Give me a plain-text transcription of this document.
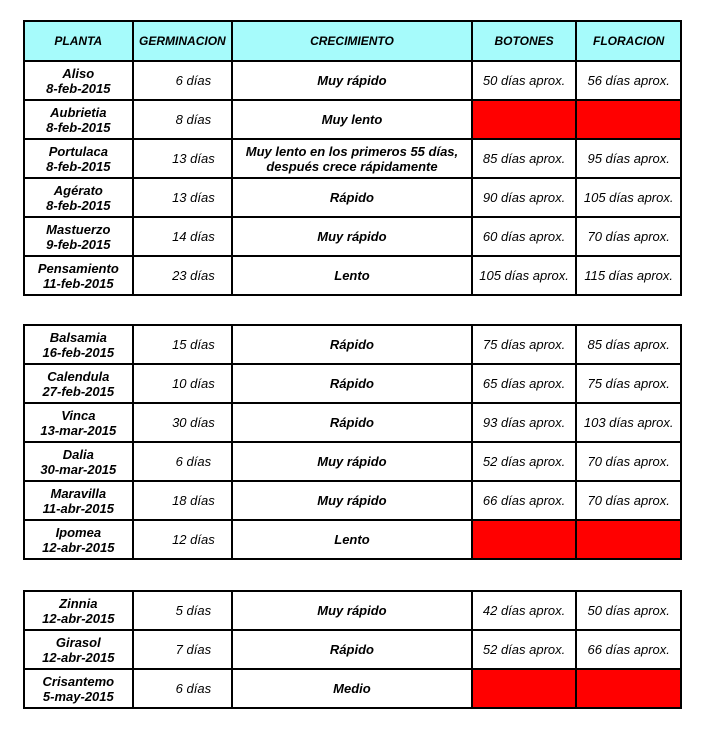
PLANTA	GERMINACION	CRECIMIENTO	BOTONES	FLORACION

Aliso
8-feb-2015	6 días	Muy rápido	50 días aprox.	56 días aprox.

Aubrietia
8-feb-2015	8 días	Muy lento		

Portulaca
8-feb-2015	13 días	Muy lento en los primeros 55 días, después crece rápidamente	85 días aprox.	95 días aprox.

Agérato
8-feb-2015	13 días	Rápido	90 días aprox.	105 días aprox.

Mastuerzo
9-feb-2015	14 días	Muy rápido	60 días aprox.	70 días aprox.

Pensamiento
11-feb-2015	23 días	Lento	105 días aprox.	115 días aprox.
Balsamia
16-feb-2015	15 días	Rápido	75 días aprox.	85 días aprox.

Calendula
27-feb-2015	10 días	Rápido	65 días aprox.	75 días aprox.

Vinca
13-mar-2015	30 días	Rápido	93 días aprox.	103 días aprox.

Dalia
30-mar-2015	6 días	Muy rápido	52 días aprox.	70 días aprox.

Maravilla
11-abr-2015	18 días	Muy rápido	66 días aprox.	70 días aprox.

Ipomea
12-abr-2015	12 días	Lento		

Zinnia
12-abr-2015	5 días	Muy rápido	42 días aprox.	50 días aprox.

Girasol
12-abr-2015	7 días	Rápido	52 días aprox.	66 días aprox.

Crisantemo
5-may-2015	6 días	Medio		
